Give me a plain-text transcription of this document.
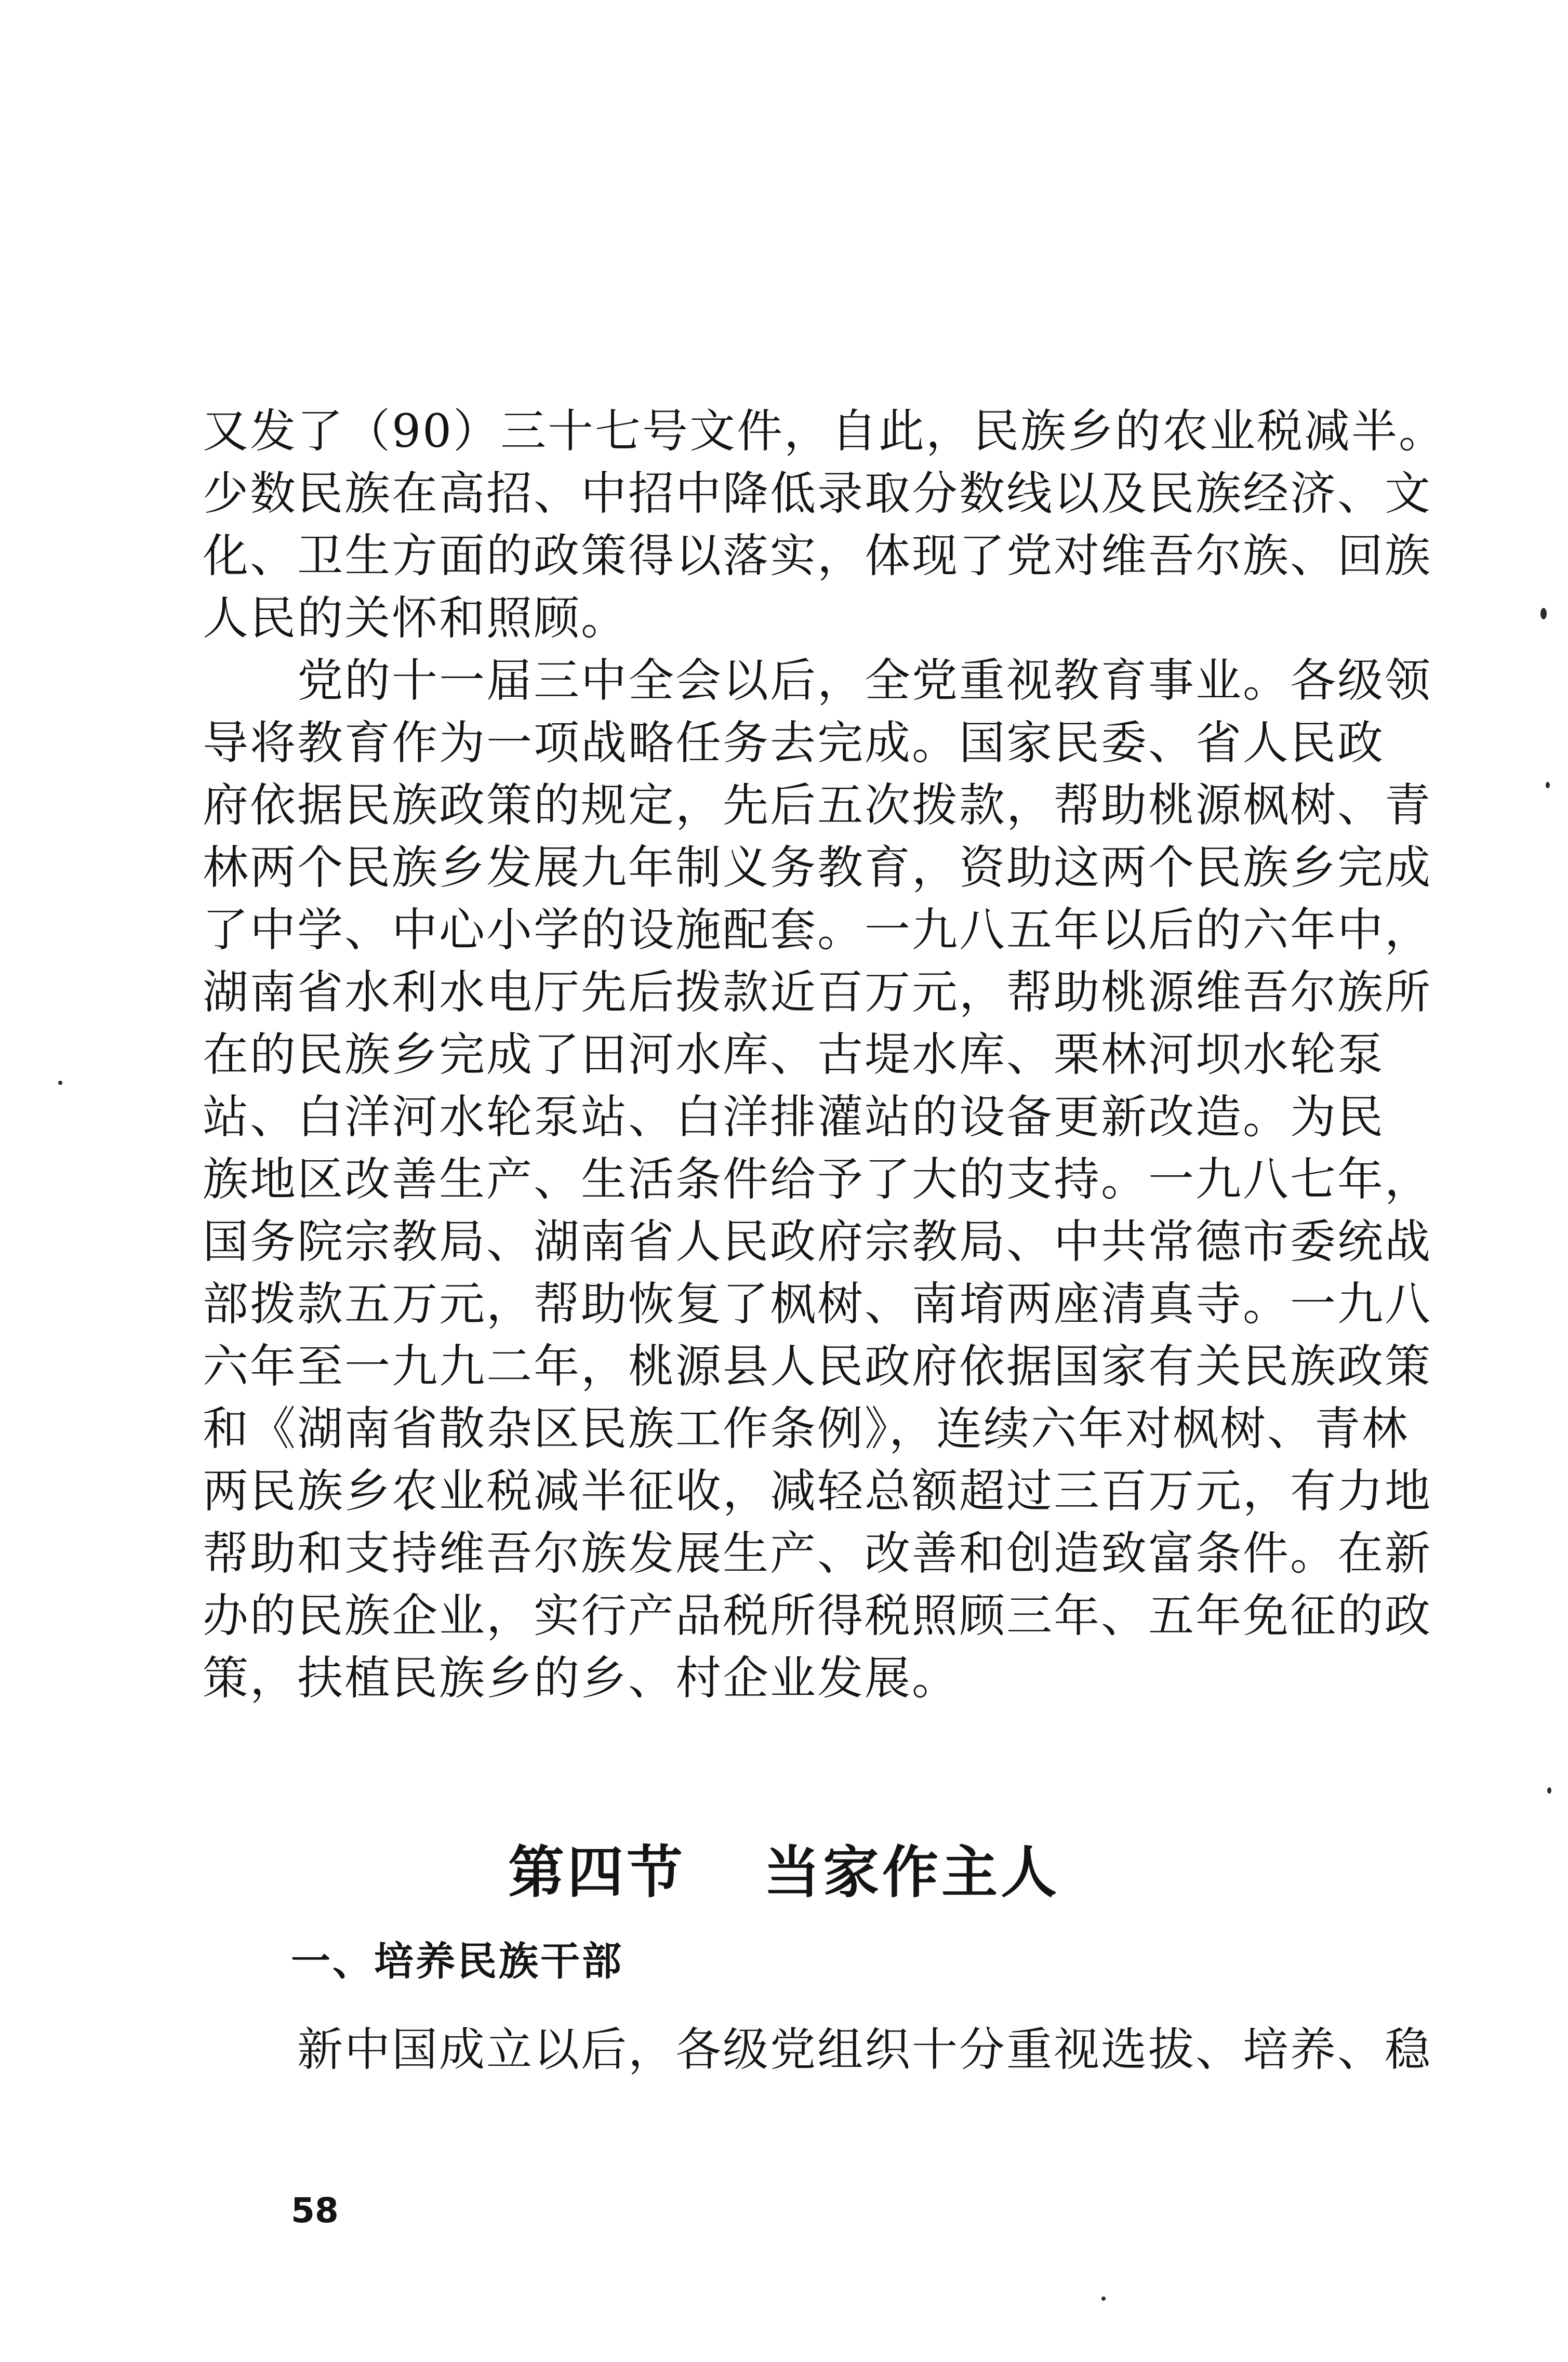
又发了（90）三十七号文件，自此，民族乡的农业税减半。
少数民族在高招、中招中降低录取分数线以及民族经济、文
化、卫生方面的政策得以落实，体现了党对维吾尔族、回族
人民的关怀和照顾。
　　党的十一届三中全会以后，全党重视教育事业。各级领
导将教育作为一项战略任务去完成。国家民委、省人民政
府依据民族政策的规定，先后五次拨款，帮助桃源枫树、青
林两个民族乡发展九年制义务教育，资助这两个民族乡完成
了中学、中心小学的设施配套。一九八五年以后的六年中，
湖南省水利水电厅先后拨款近百万元，帮助桃源维吾尔族所
在的民族乡完成了田河水库、古堤水库、栗林河坝水轮泵
站、白洋河水轮泵站、白洋排灌站的设备更新改造。为民
族地区改善生产、生活条件给予了大的支持。一九八七年，
国务院宗教局、湖南省人民政府宗教局、中共常德市委统战
部拨款五万元，帮助恢复了枫树、南堉两座清真寺。一九八
六年至一九九二年，桃源县人民政府依据国家有关民族政策
和《湖南省散杂区民族工作条例》，连续六年对枫树、青林
两民族乡农业税减半征收，减轻总额超过三百万元，有力地
帮助和支持维吾尔族发展生产、改善和创造致富条件。在新
办的民族企业，实行产品税所得税照顾三年、五年免征的政
策，扶植民族乡的乡、村企业发展。
第四节 当家作主人
一、培养民族干部
　　新中国成立以后，各级党组织十分重视选拔、培养、稳
58
